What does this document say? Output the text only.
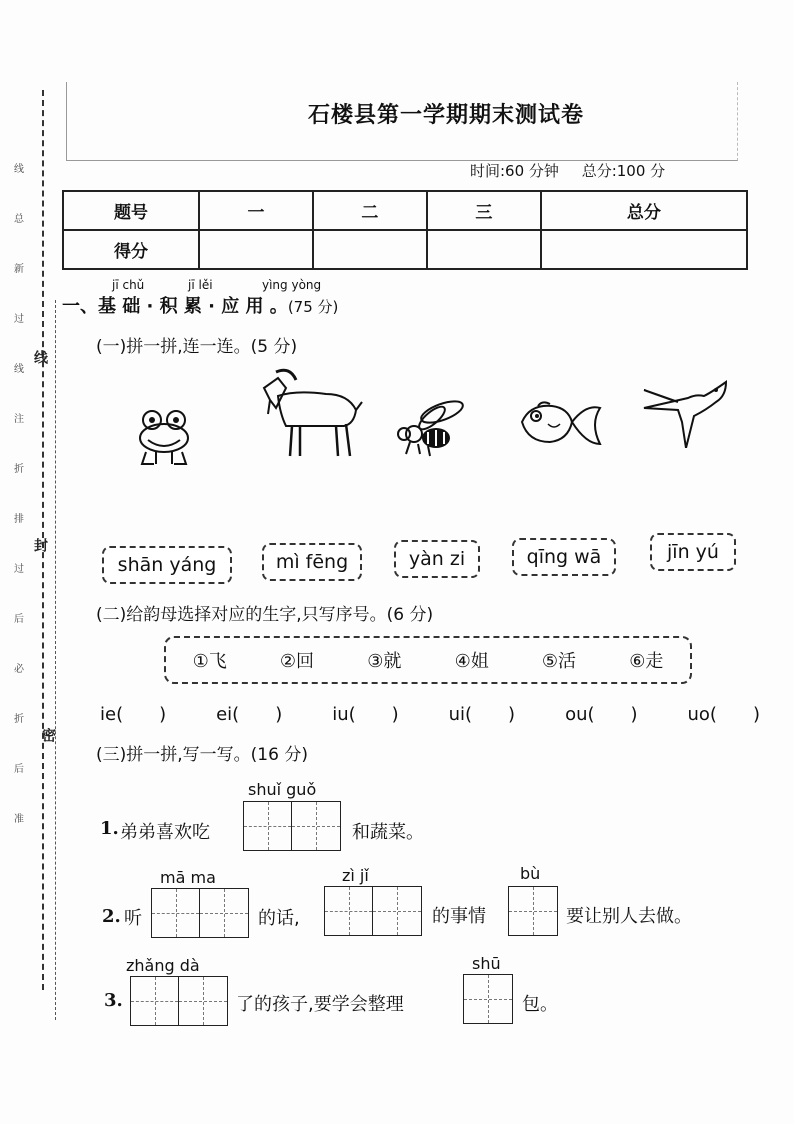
线
封
密
线
总
新
过
线
注
折
排
过
后
必
折
后
准
石楼县第一学期期末测试卷
时间:60 分钟 总分:100 分
题号	一	二	三	总分
得分				
jī chǔ	jī lěi	yìng yòng
一、基 础 · 积 累 · 应 用 。(75 分)
(一)拼一拼,连一连。(5 分)
shān yáng	mì fēng	yàn zi	qīng wā	jīn yú
(二)给韵母选择对应的生字,只写序号。(6 分)
①飞	②回	③就	④姐	⑤活	⑥走
ie(　　)	ei(　　)	iu(　　)	ui(　　)	ou(　　)	uo(　　)
(三)拼一拼,写一写。(16 分)
shuǐ guǒ
1. 弟弟喜欢吃	和蔬菜。
mā ma	zì jǐ	bù
2. 听	的话,	的事情	要让别人去做。
zhǎng dà	shū
3.	了的孩子,要学会整理	包。
